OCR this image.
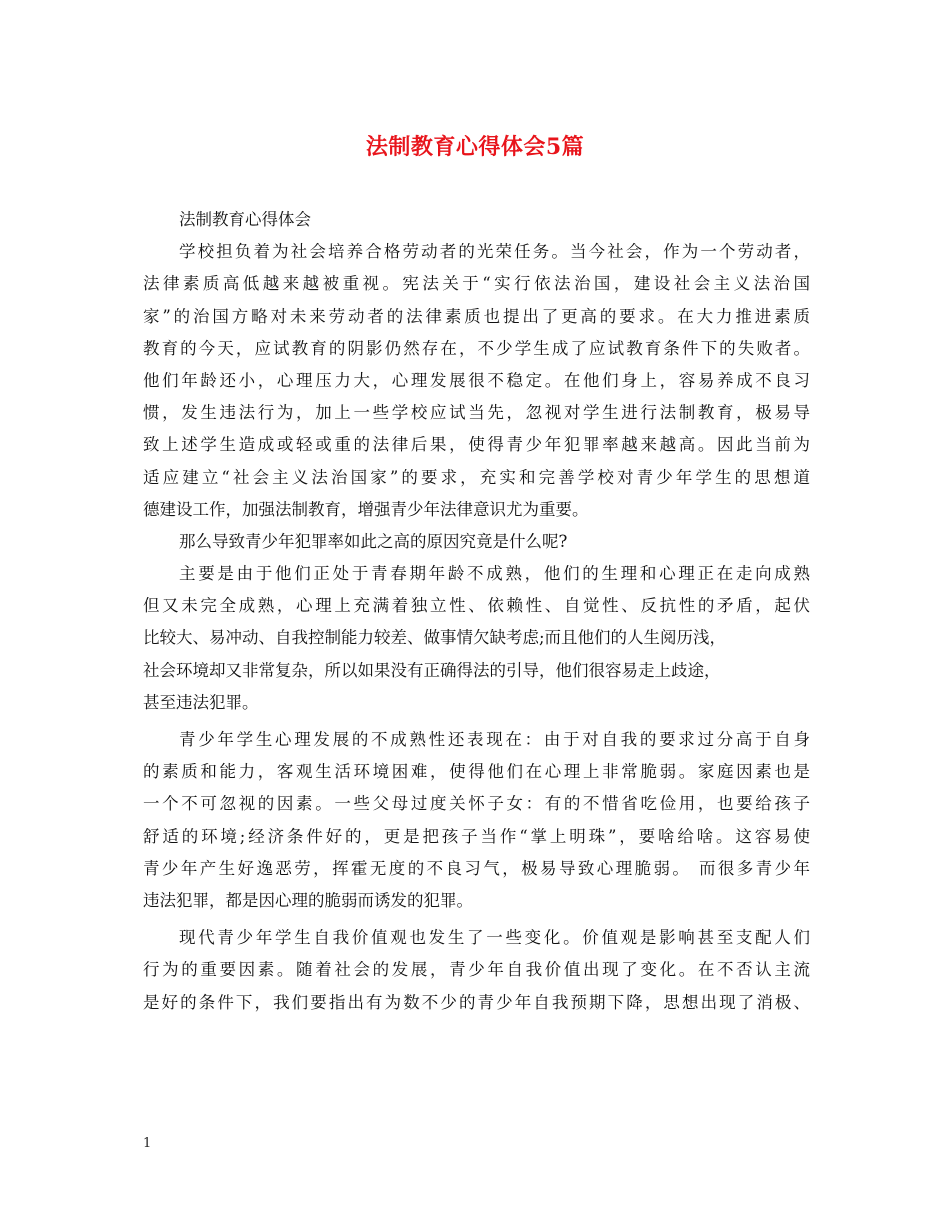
法制教育心得体会5篇
法制教育心得体会
学校担负着为社会培养合格劳动者的光荣任务。当今社会，作为一个劳动者，
法律素质高低越来越被重视。宪法关于“实行依法治国，建设社会主义法治国
家”的治国方略对未来劳动者的法律素质也提出了更高的要求。在大力推进素质
教育的今天，应试教育的阴影仍然存在，不少学生成了应试教育条件下的失败者。
他们年龄还小，心理压力大，心理发展很不稳定。在他们身上，容易养成不良习
惯，发生违法行为，加上一些学校应试当先，忽视对学生进行法制教育，极易导
致上述学生造成或轻或重的法律后果，使得青少年犯罪率越来越高。因此当前为
适应建立“社会主义法治国家”的要求，充实和完善学校对青少年学生的思想道
德建设工作，加强法制教育，增强青少年法律意识尤为重要。
那么导致青少年犯罪率如此之高的原因究竟是什么呢?
主要是由于他们正处于青春期年龄不成熟，他们的生理和心理正在走向成熟
但又未完全成熟，心理上充满着独立性、依赖性、自觉性、反抗性的矛盾，起伏
比较大、易冲动、自我控制能力较差、做事情欠缺考虑;而且他们的人生阅历浅，
社会环境却又非常复杂，所以如果没有正确得法的引导，他们很容易走上歧途，
甚至违法犯罪。
青少年学生心理发展的不成熟性还表现在：由于对自我的要求过分高于自身
的素质和能力，客观生活环境困难，使得他们在心理上非常脆弱。家庭因素也是
一个不可忽视的因素。一些父母过度关怀子女：有的不惜省吃俭用，也要给孩子
舒适的环境;经济条件好的，更是把孩子当作“掌上明珠”，要啥给啥。这容易使
青少年产生好逸恶劳，挥霍无度的不良习气，极易导致心理脆弱。 而很多青少年
违法犯罪，都是因心理的脆弱而诱发的犯罪。
现代青少年学生自我价值观也发生了一些变化。价值观是影响甚至支配人们
行为的重要因素。随着社会的发展，青少年自我价值出现了变化。在不否认主流
是好的条件下，我们要指出有为数不少的青少年自我预期下降，思想出现了消极、
1
